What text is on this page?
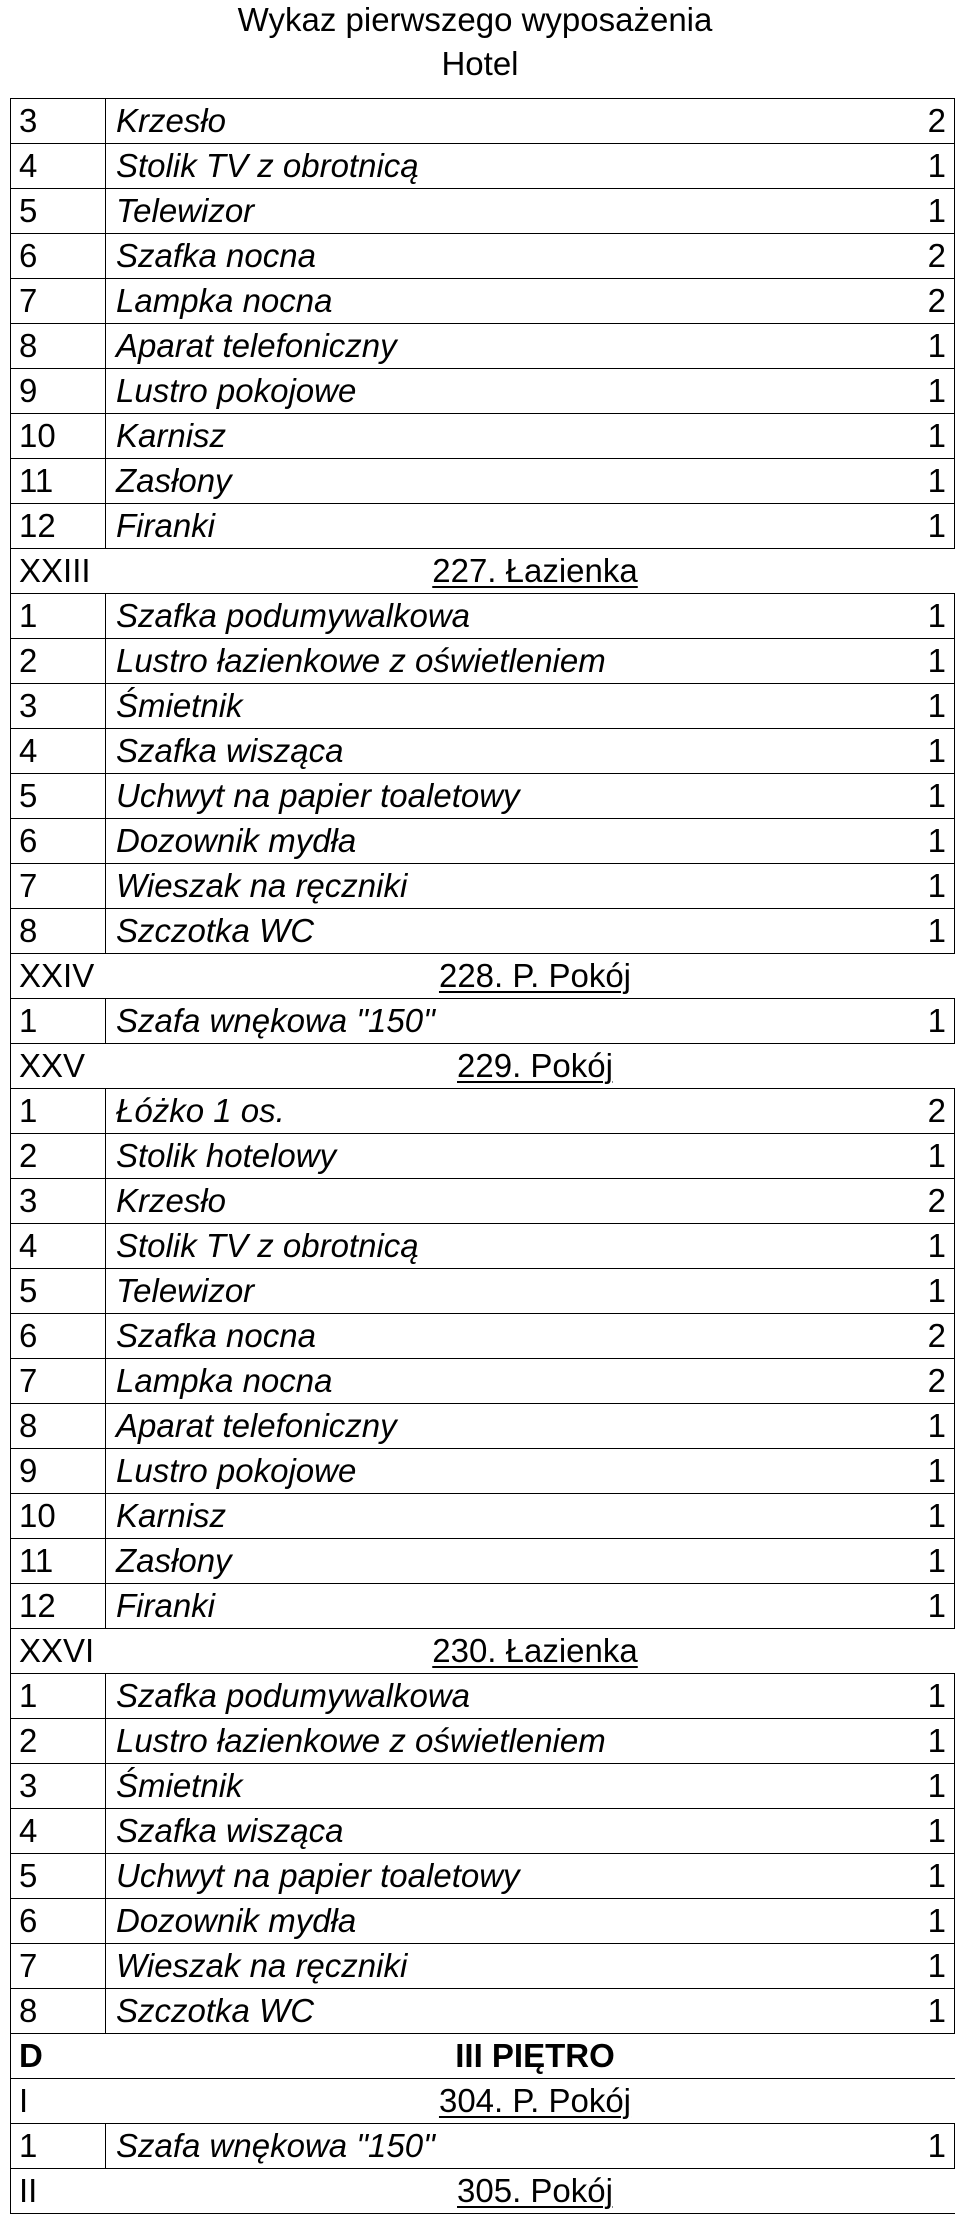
Wykaz pierwszego wyposażenia
Hotel
3	Krzesło	2
4	Stolik TV z obrotnicą	1
5	Telewizor	1
6	Szafka nocna	2
7	Lampka nocna	2
8	Aparat telefoniczny	1
9	Lustro pokojowe	1
10	Karnisz	1
11	Zasłony	1
12	Firanki	1
XXIII	227. Łazienka	
1	Szafka podumywalkowa	1
2	Lustro łazienkowe z oświetleniem	1
3	Śmietnik	1
4	Szafka wisząca	1
5	Uchwyt na papier toaletowy	1
6	Dozownik mydła	1
7	Wieszak na ręczniki	1
8	Szczotka WC	1
XXIV	228. P. Pokój	
1	Szafa wnękowa "150"	1
XXV	229. Pokój	
1	Łóżko 1 os.	2
2	Stolik hotelowy	1
3	Krzesło	2
4	Stolik TV z obrotnicą	1
5	Telewizor	1
6	Szafka nocna	2
7	Lampka nocna	2
8	Aparat telefoniczny	1
9	Lustro pokojowe	1
10	Karnisz	1
11	Zasłony	1
12	Firanki	1
XXVI	230. Łazienka	
1	Szafka podumywalkowa	1
2	Lustro łazienkowe z oświetleniem	1
3	Śmietnik	1
4	Szafka wisząca	1
5	Uchwyt na papier toaletowy	1
6	Dozownik mydła	1
7	Wieszak na ręczniki	1
8	Szczotka WC	1
D	III PIĘTRO	
I	304. P. Pokój	
1	Szafa wnękowa "150"	1
II	305. Pokój	
